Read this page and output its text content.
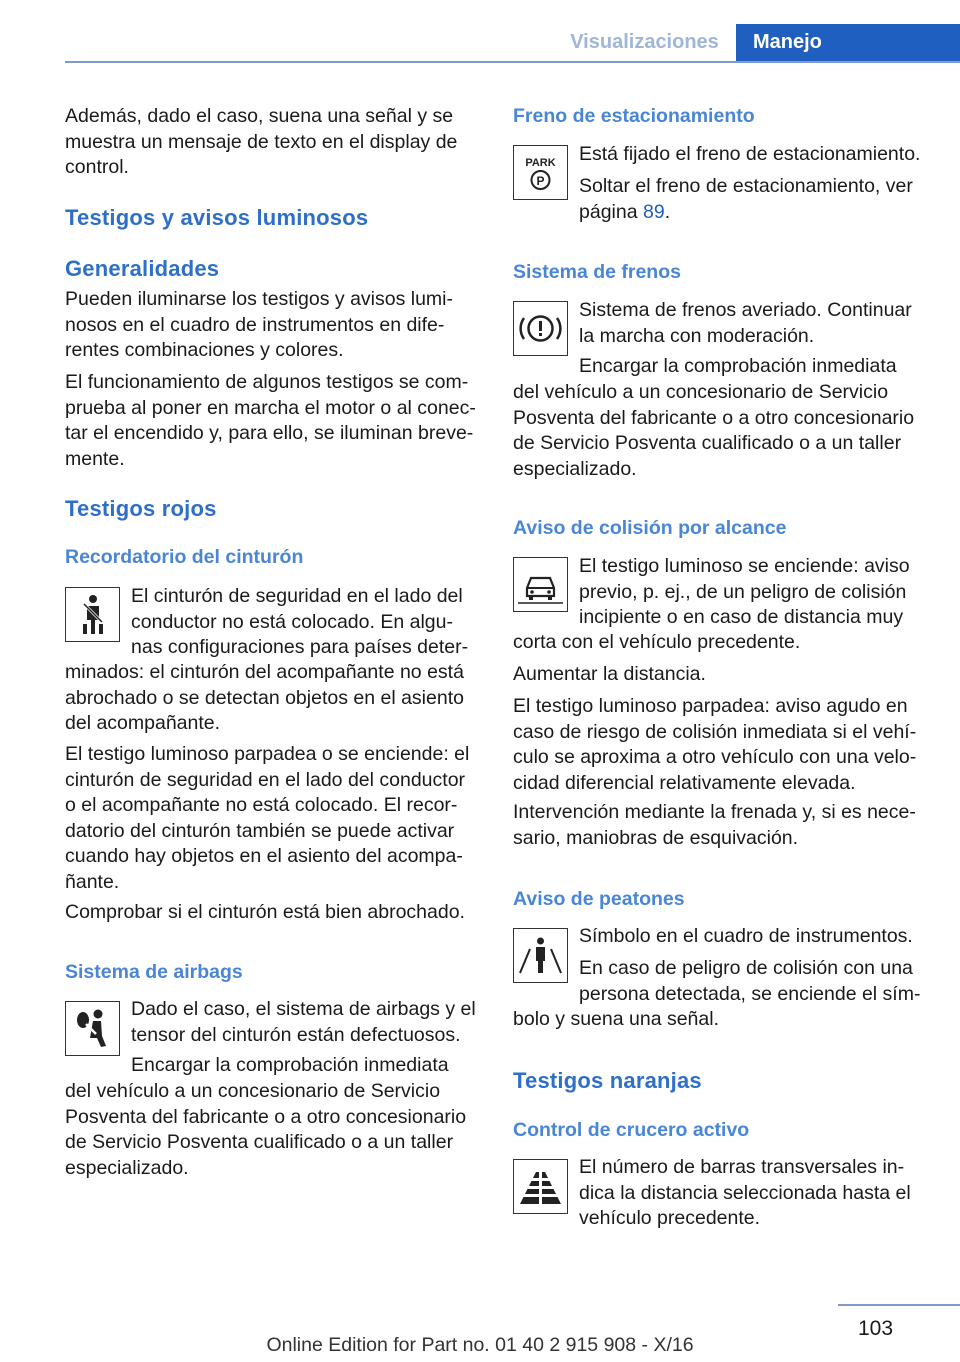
Visualizaciones	Manejo
Además, dado el caso, suena una señal y se muestra un mensaje de texto en el display de control.
Testigos y avisos luminosos
Generalidades
Pueden iluminarse los testigos y avisos lumi‐ nosos en el cuadro de instrumentos en dife‐ rentes combinaciones y colores.
El funcionamiento de algunos testigos se com‐ prueba al poner en marcha el motor o al conec‐ tar el encendido y, para ello, se iluminan breve‐ mente.
Testigos rojos
Recordatorio del cinturón
El cinturón de seguridad en el lado del conductor no está colocado. En algu‐ nas configuraciones para países deter‐
minados: el cinturón del acompañante no está abrochado o se detectan objetos en el asiento del acompañante.
El testigo luminoso parpadea o se enciende: el cinturón de seguridad en el lado del conductor o el acompañante no está colocado. El recor‐ datorio del cinturón también se puede activar cuando hay objetos en el asiento del acompa‐ ñante.
Comprobar si el cinturón está bien abrochado.
Sistema de airbags
Dado el caso, el sistema de airbags y el tensor del cinturón están defectuosos.
Encargar la comprobación inmediata
del vehículo a un concesionario de Servicio Posventa del fabricante o a otro concesionario de Servicio Posventa cualificado o a un taller especializado.
Freno de estacionamiento
PARK
P
Está fijado el freno de estacionamiento.
Soltar el freno de estacionamiento, ver página 89.
Sistema de frenos
Sistema de frenos averiado. Continuar la marcha con moderación.
Encargar la comprobación inmediata
del vehículo a un concesionario de Servicio Posventa del fabricante o a otro concesionario de Servicio Posventa cualificado o a un taller especializado.
Aviso de colisión por alcance
El testigo luminoso se enciende: aviso previo, p. ej., de un peligro de colisión incipiente o en caso de distancia muy
corta con el vehículo precedente.
Aumentar la distancia.
El testigo luminoso parpadea: aviso agudo en caso de riesgo de colisión inmediata si el vehí‐ culo se aproxima a otro vehículo con una velo‐ cidad diferencial relativamente elevada.
Intervención mediante la frenada y, si es nece‐ sario, maniobras de esquivación.
Aviso de peatones
Símbolo en el cuadro de instrumentos.
En caso de peligro de colisión con una persona detectada, se enciende el sím‐
bolo y suena una señal.
Testigos naranjas
Control de crucero activo
El número de barras transversales in‐ dica la distancia seleccionada hasta el vehículo precedente.
103
Online Edition for Part no. 01 40 2 915 908 - X/16
